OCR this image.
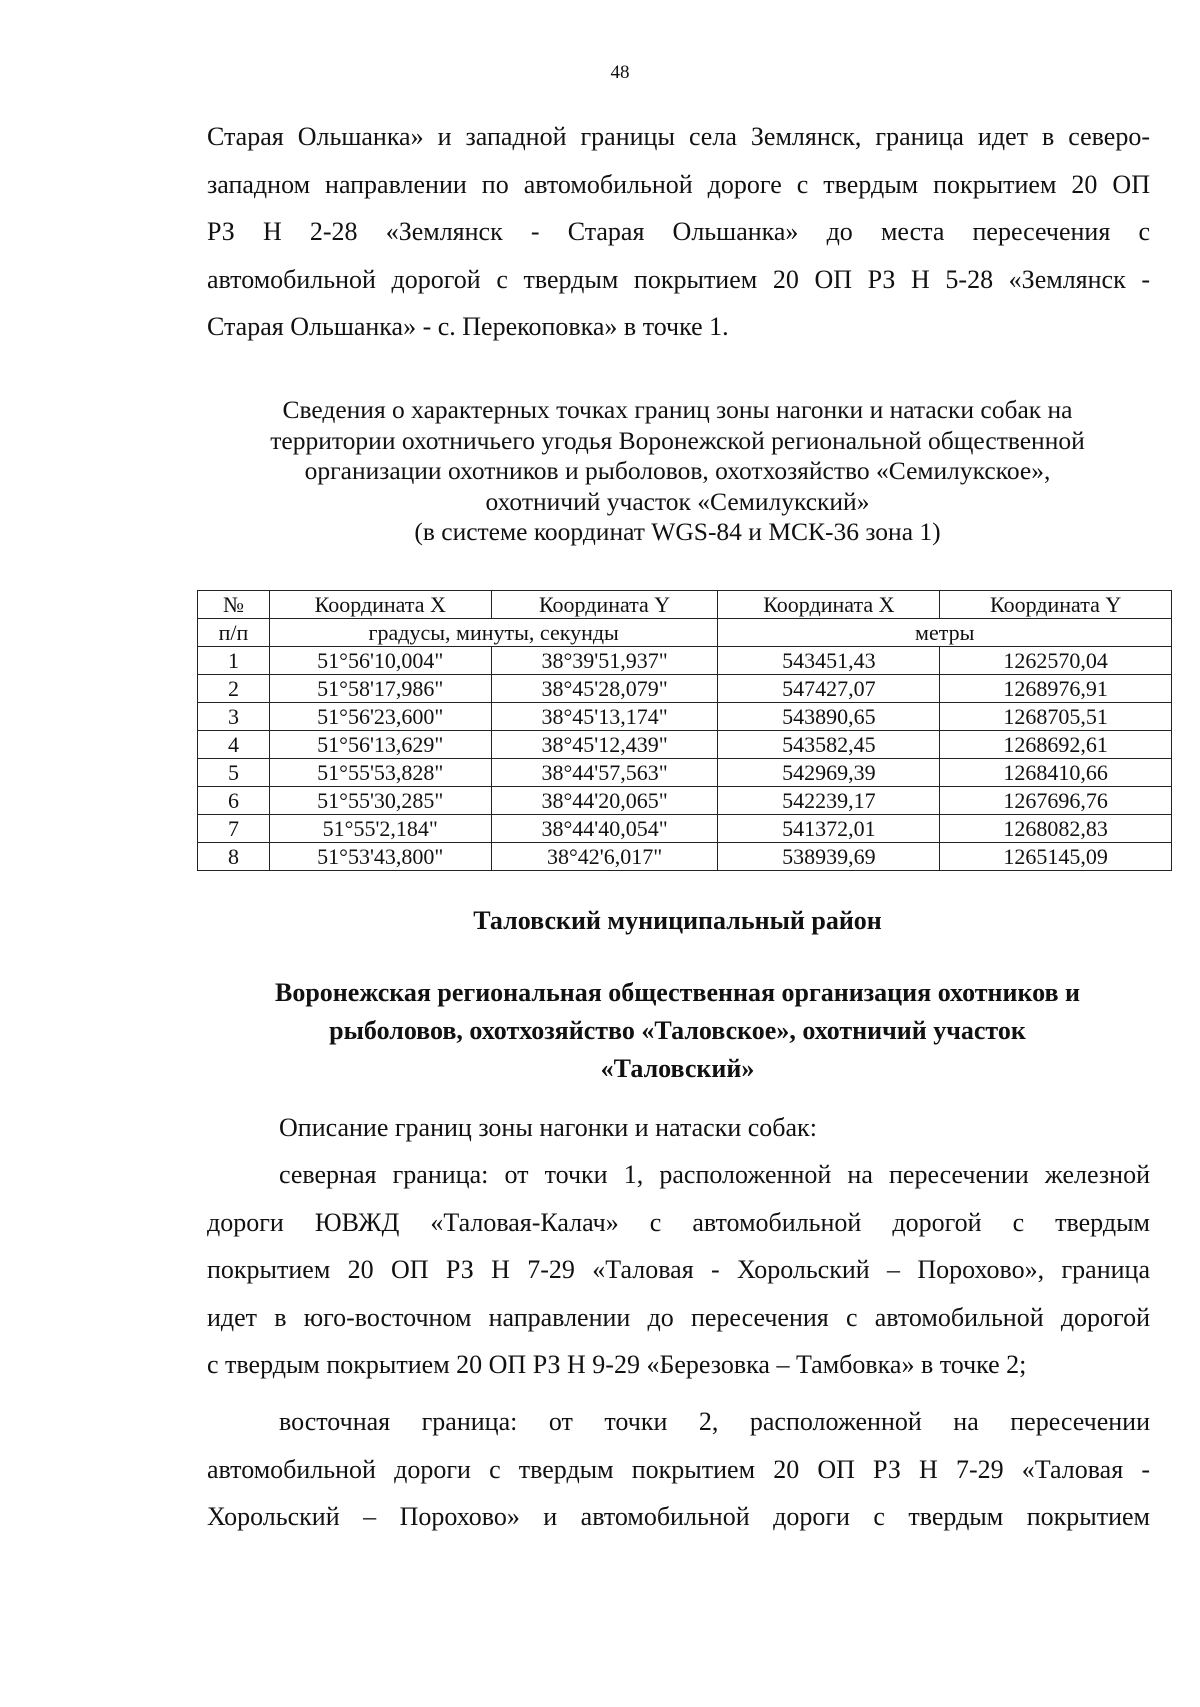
48
Старая Ольшанка» и западной границы села Землянск, граница идет в северо-
западном направлении по автомобильной дороге с твердым покрытием 20 ОП
РЗ Н 2-28 «Землянск - Старая Ольшанка» до места пересечения с
автомобильной дорогой с твердым покрытием 20 ОП РЗ Н 5-28 «Землянск -
Старая Ольшанка» - с. Перекоповка» в точке 1.
Сведения о характерных точках границ зоны нагонки и натаски собак на
территории охотничьего угодья Воронежской региональной общественной
организации охотников и рыболовов, охотхозяйство «Семилукское»,
охотничий участок «Семилукский»
(в системе координат WGS-84 и МСК-36 зона 1)
№	Координата X	Координата Y	Координата X	Координата Y
п/п	градусы, минуты, секунды		метры	
1	51°56'10,004"	38°39'51,937"	543451,43	1262570,04
2	51°58'17,986"	38°45'28,079"	547427,07	1268976,91
3	51°56'23,600"	38°45'13,174"	543890,65	1268705,51
4	51°56'13,629"	38°45'12,439"	543582,45	1268692,61
5	51°55'53,828"	38°44'57,563"	542969,39	1268410,66
6	51°55'30,285"	38°44'20,065"	542239,17	1267696,76
7	51°55'2,184"	38°44'40,054"	541372,01	1268082,83
8	51°53'43,800"	38°42'6,017"	538939,69	1265145,09
Таловский муниципальный район
Воронежская региональная общественная организация охотников и
рыболовов, охотхозяйство «Таловское», охотничий участок
«Таловский»
Описание границ зоны нагонки и натаски собак:
северная граница: от точки 1, расположенной на пересечении железной
дороги ЮВЖД «Таловая-Калач» с автомобильной дорогой с твердым
покрытием 20 ОП РЗ Н 7-29 «Таловая - Хорольский – Порохово», граница
идет в юго-восточном направлении до пересечения с автомобильной дорогой
с твердым покрытием 20 ОП РЗ Н 9-29 «Березовка – Тамбовка» в точке 2;
восточная граница: от точки 2, расположенной на пересечении
автомобильной дороги с твердым покрытием 20 ОП РЗ Н 7-29 «Таловая -
Хорольский – Порохово» и автомобильной дороги с твердым покрытием
